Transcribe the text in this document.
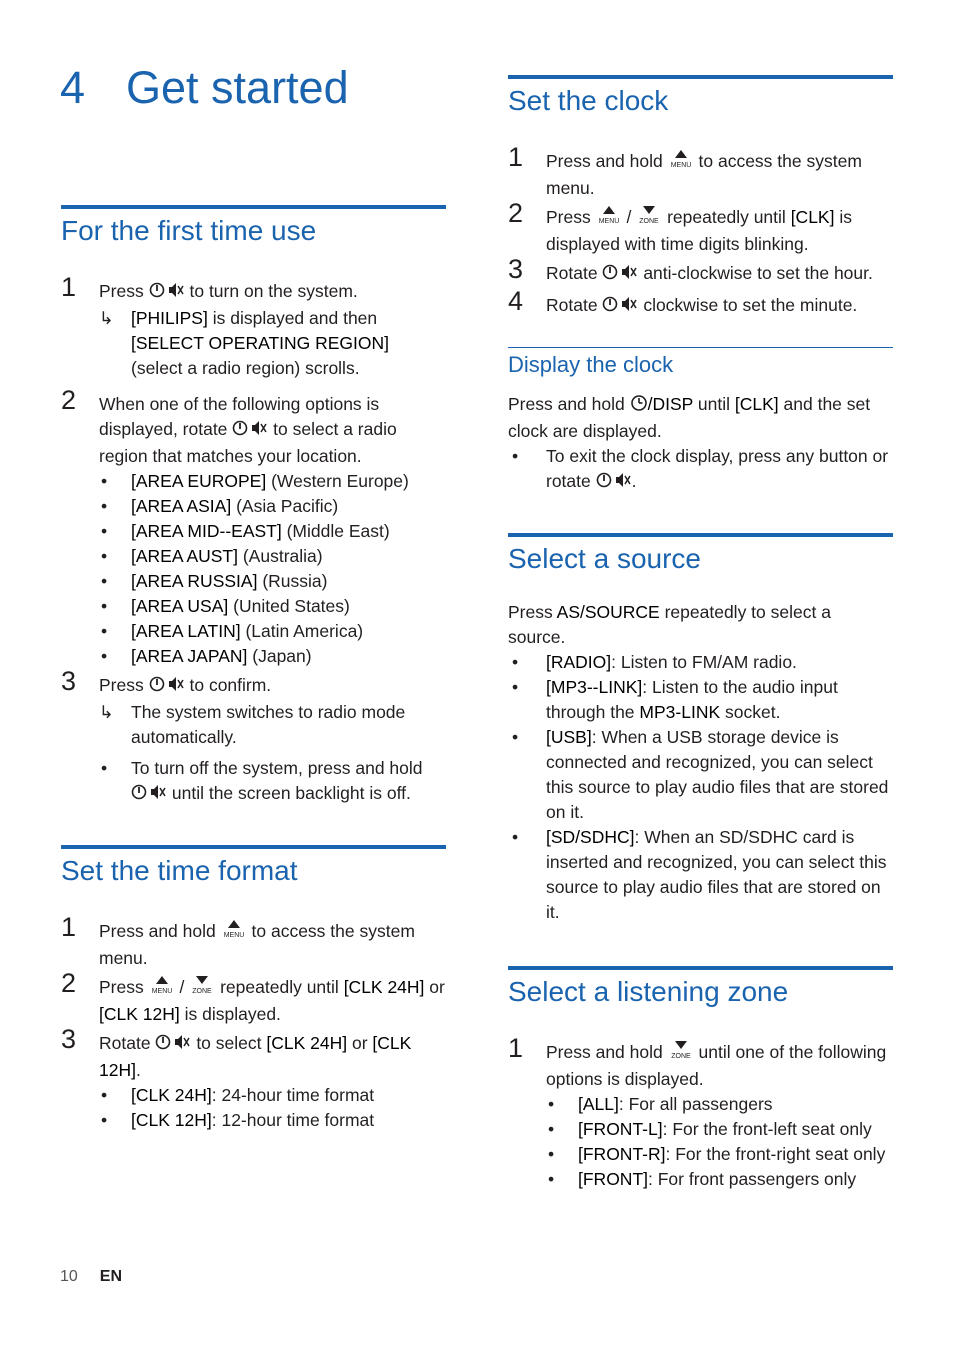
4 Get started
For the first time use
1 Press	to turn on the system.
↳ [PHILIPS] is displayed and then
[SELECT OPERATING REGION]
(select a radio region) scrolls.
2 When one of the following options is displayed, rotate	to select a radio region that matches your location.
• [AREA EUROPE] (Western Europe)
• [AREA ASIA] (Asia Pacific)
• [AREA MID--EAST] (Middle East)
• [AREA AUST] (Australia)
• [AREA RUSSIA] (Russia)
• [AREA USA] (United States)
• [AREA LATIN] (Latin America)
• [AREA JAPAN] (Japan)
3 Press	to confirm.
↳ The system switches to radio mode automatically.
• To turn off the system, press and hold
until the screen backlight is off.
Set the time format
1 Press and hold MENU to access the system menu.
2 Press MENU / ZONE repeatedly until [CLK 24H] or [CLK 12H] is displayed.
3 Rotate	to select [CLK 24H] or [CLK 12H].
• [CLK 24H]: 24-hour time format
• [CLK 12H]: 12-hour time format
Set the clock
1 Press and hold MENU to access the system menu.
2 Press MENU / ZONE repeatedly until [CLK] is displayed with time digits blinking.
3 Rotate	anti-clockwise to set the hour.
4 Rotate	clockwise to set the minute.
Display the clock
Press and hold /DISP until [CLK] and the set clock are displayed.
• To exit the clock display, press any button or rotate .
Select a source
Press AS/SOURCE repeatedly to select a source.
• [RADIO]: Listen to FM/AM radio.
• [MP3--LINK]: Listen to the audio input through the MP3-LINK socket.
• [USB]: When a USB storage device is connected and recognized, you can select this source to play audio files that are stored on it.
• [SD/SDHC]: When an SD/SDHC card is inserted and recognized, you can select this source to play audio files that are stored on it.
Select a listening zone
1 Press and hold ZONE until one of the following options is displayed.
• [ALL]: For all passengers
• [FRONT-L]: For the front-left seat only
• [FRONT-R]: For the front-right seat only
• [FRONT]: For front passengers only
10 EN
